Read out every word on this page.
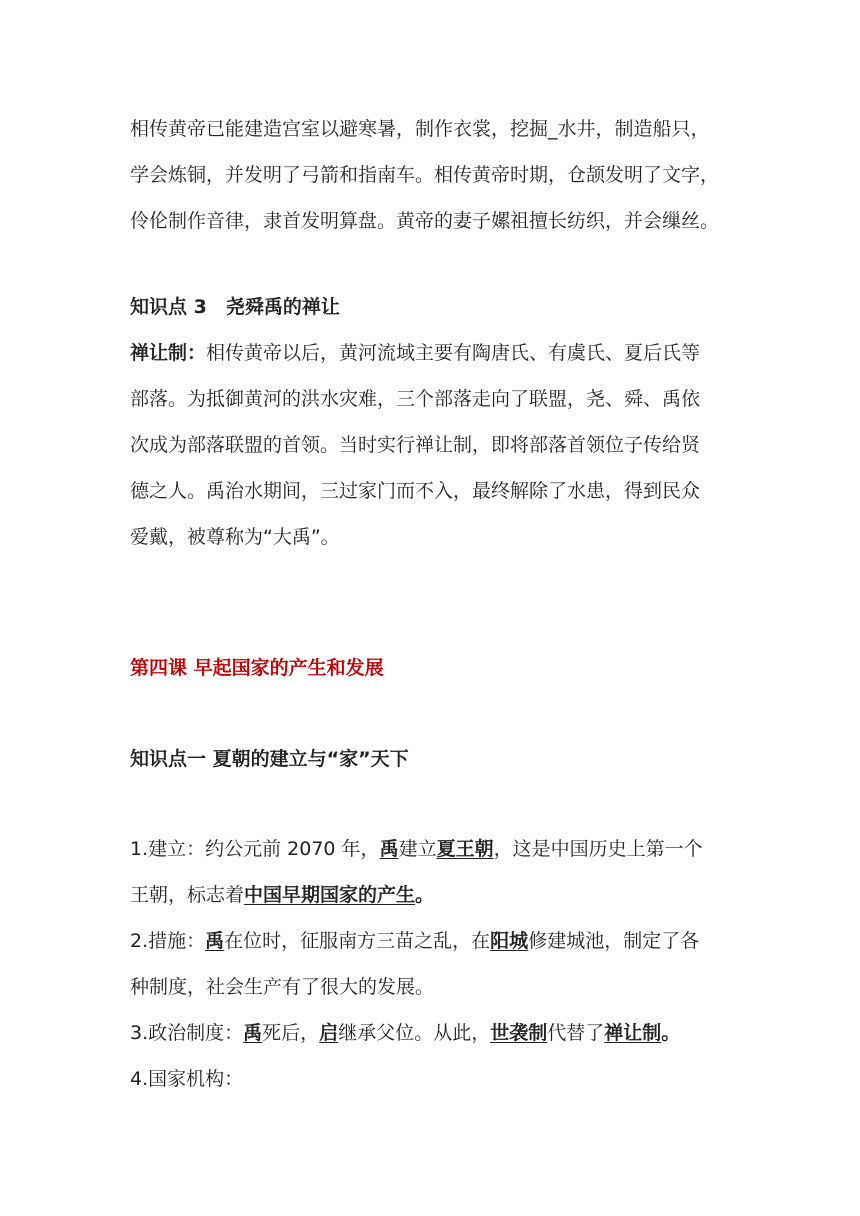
相传黄帝已能建造宫室以避寒暑，制作衣裳，挖掘_水井，制造船只，

学会炼铜，并发明了弓箭和指南车。相传黄帝时期，仓颉发明了文字，

伶伦制作音律，隶首发明算盘。黄帝的妻子嫘祖擅长纺织，并会缫丝。

知识点 3　尧舜禹的禅让

禅让制：相传黄帝以后，黄河流域主要有陶唐氏、有虞氏、夏后氏等

部落。为抵御黄河的洪水灾难，三个部落走向了联盟，尧、舜、禹依

次成为部落联盟的首领。当时实行禅让制，即将部落首领位子传给贤

德之人。禹治水期间，三过家门而不入，最终解除了水患，得到民众

爱戴，被尊称为“大禹”。

第四课 早起国家的产生和发展

知识点一 夏朝的建立与“家”天下

1.建立：约公元前 2070 年，禹建立夏王朝，这是中国历史上第一个

王朝，标志着中国早期国家的产生。

2.措施：禹在位时，征服南方三苗之乱，在阳城修建城池，制定了各

种制度，社会生产有了很大的发展。

3.政治制度：禹死后，启继承父位。从此，世袭制代替了禅让制。

4.国家机构：
